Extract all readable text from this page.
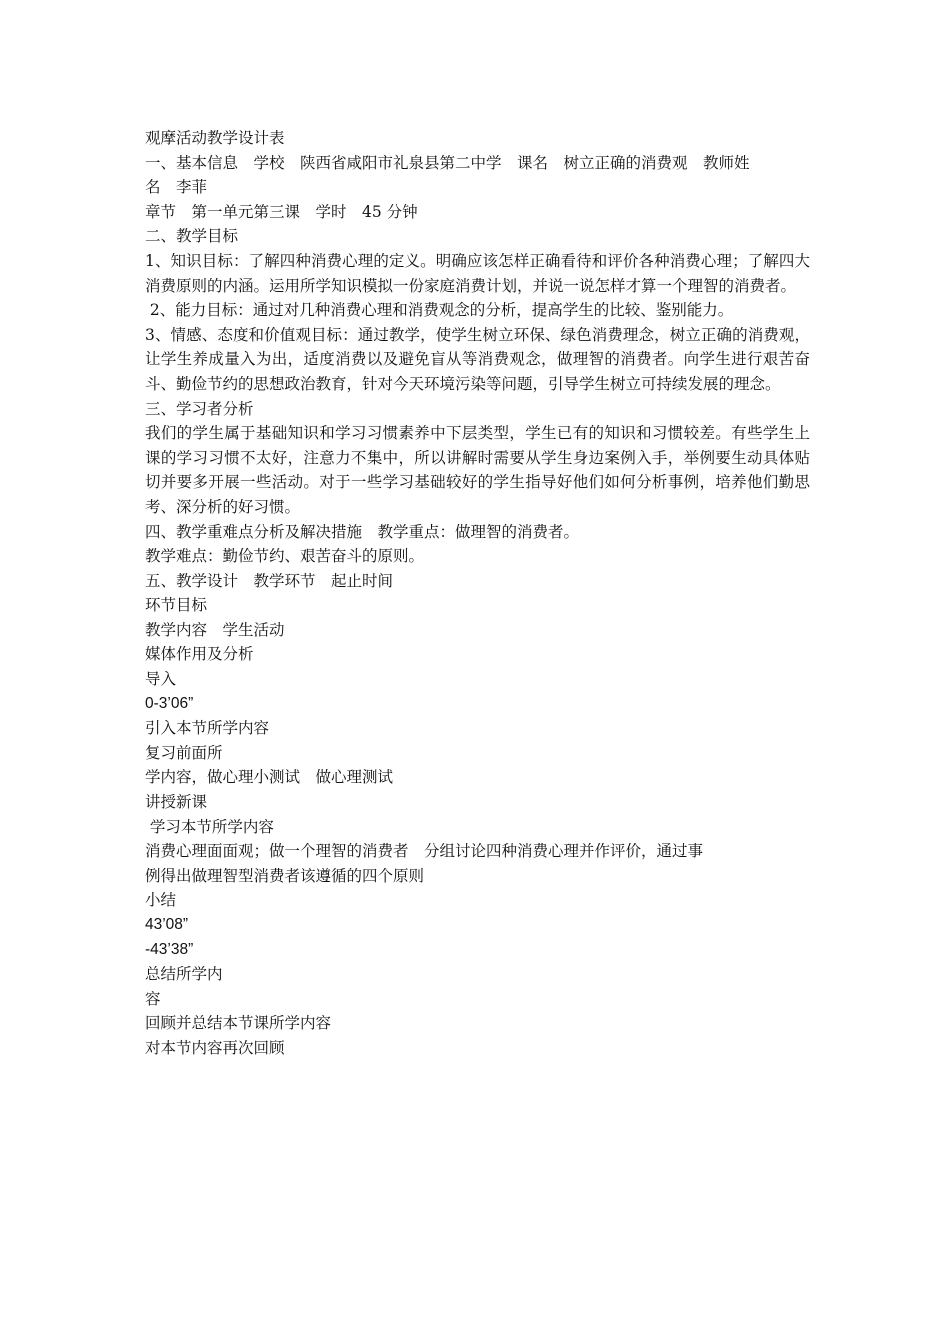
观摩活动教学设计表
一、基本信息　学校　陕西省咸阳市礼泉县第二中学　课名　树立正确的消费观　教师姓
名　李菲
章节　第一单元第三课　学时　45 分钟
二、教学目标

1、知识目标：了解四种消费心理的定义。明确应该怎样正确看待和评价各种消费心理；了解四大消费原则的内涵。运用所学知识模拟一份家庭消费计划，并说一说怎样才算一个理智的消费者。

2、能力目标：通过对几种消费心理和消费观念的分析，提高学生的比较、鉴别能力。

3、情感、态度和价值观目标：通过教学，使学生树立环保、绿色消费理念，树立正确的消费观，让学生养成量入为出，适度消费以及避免盲从等消费观念，做理智的消费者。向学生进行艰苦奋斗、勤俭节约的思想政治教育，针对今天环境污染等问题，引导学生树立可持续发展的理念。

三、学习者分析

我们的学生属于基础知识和学习习惯素养中下层类型，学生已有的知识和习惯较差。有些学生上课的学习习惯不太好，注意力不集中，所以讲解时需要从学生身边案例入手，举例要生动具体贴切并要多开展一些活动。对于一些学习基础较好的学生指导好他们如何分析事例，培养他们勤思考、深分析的好习惯。

四、教学重难点分析及解决措施　教学重点：做理智的消费者。
教学难点：勤俭节约、艰苦奋斗的原则。
五、教学设计　教学环节　起止时间
环节目标
教学内容　学生活动
媒体作用及分析
导入
0-3’06”
引入本节所学内容
复习前面所
学内容，做心理小测试　做心理测试
讲授新课
学习本节所学内容
消费心理面面观；做一个理智的消费者　分组讨论四种消费心理并作评价，通过事
例得出做理智型消费者该遵循的四个原则
小结
43’08”
-43’38”
总结所学内
容
回顾并总结本节课所学内容
对本节内容再次回顾
